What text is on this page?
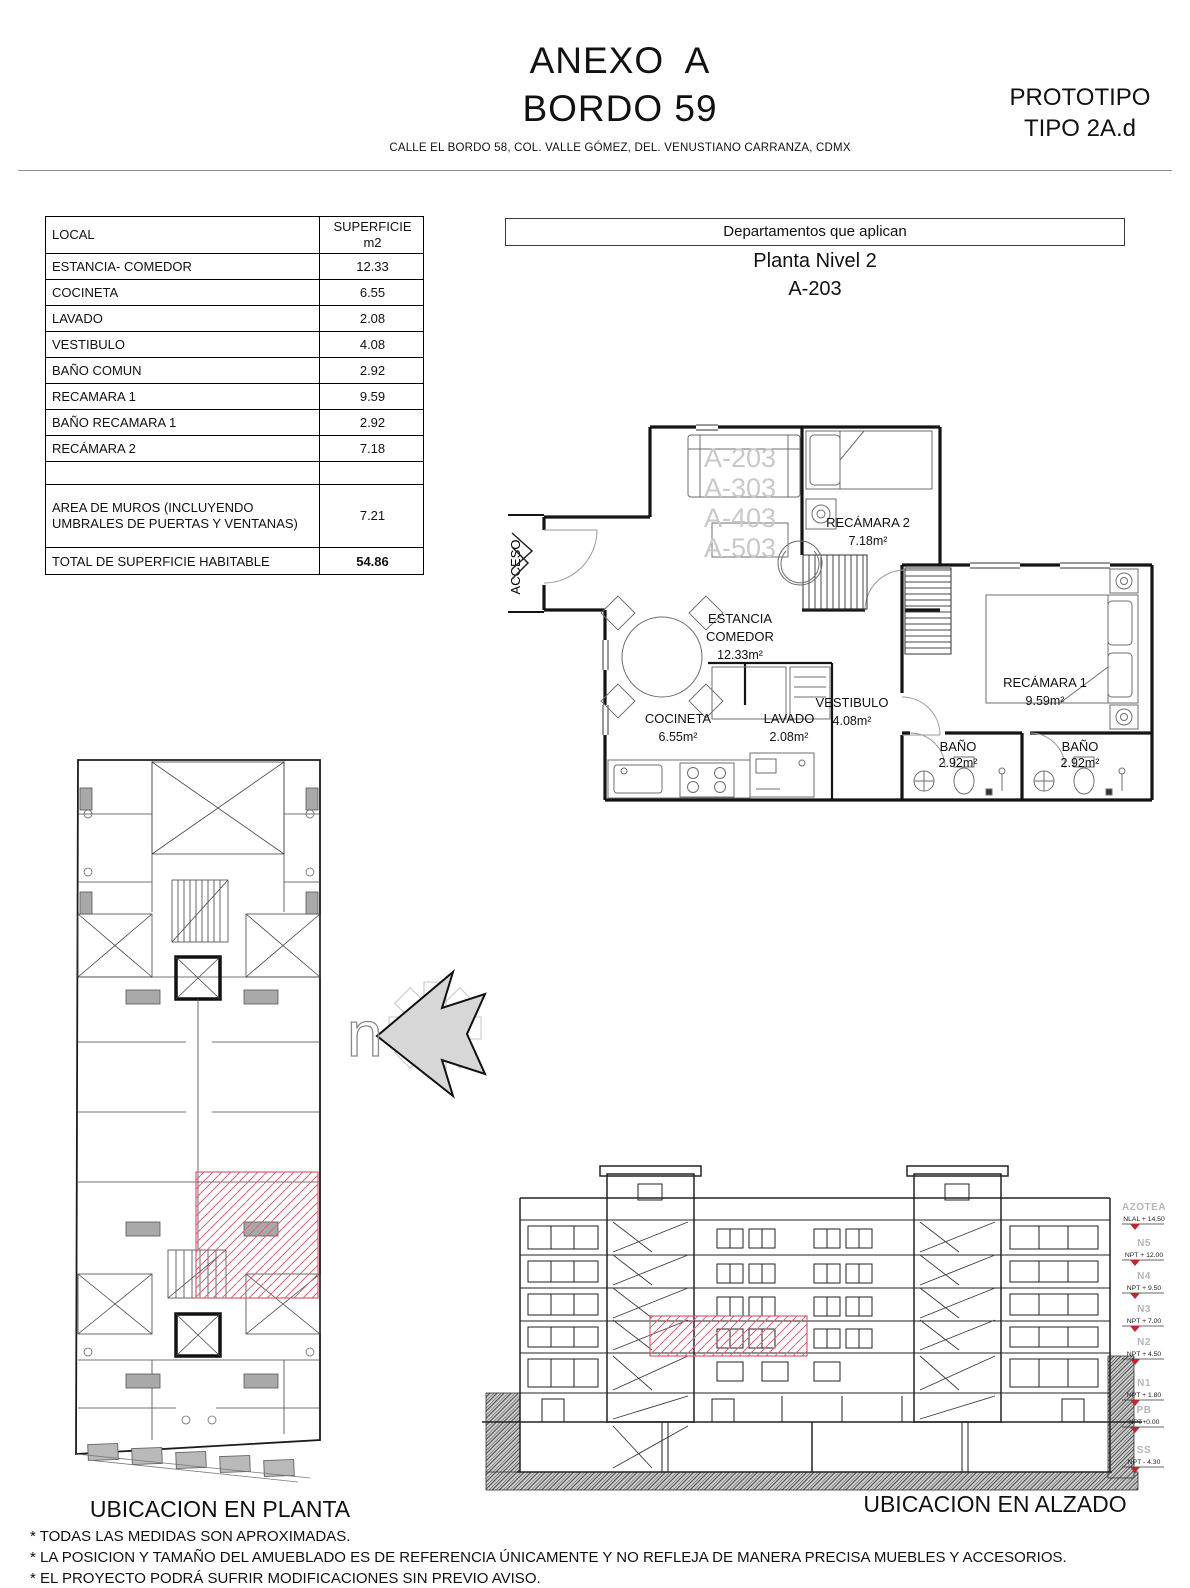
ANEXO  A
BORDO 59
CALLE EL BORDO 58, COL. VALLE GÓMEZ, DEL. VENUSTIANO CARRANZA, CDMX
PROTOTIPO
TIPO 2A.d
LOCAL	SUPERFICIE
m2

ESTANCIA- COMEDOR	12.33
COCINETA	6.55
LAVADO	2.08
VESTIBULO	4.08
BAÑO COMUN	2.92
RECAMARA 1	9.59
BAÑO RECAMARA 1	2.92
RECÁMARA 2	7.18

AREA DE MUROS (INCLUYENDO UMBRALES DE PUERTAS Y VENTANAS)	7.21
TOTAL DE SUPERFICIE HABITABLE	54.86
Departamentos que aplican
Planta Nivel 2
A-203
A-203
A-303
A-403
A-503
ACCESO
RECÁMARA 2
7.18m²
ESTANCIA
COMEDOR
12.33m²
VESTIBULO
4.08m²
RECÁMARA 1
9.59m²
COCINETA
6.55m²
LAVADO
2.08m²
BAÑO
2.92m²
BAÑO
2.92m²
n
AZOTEA
NLAL + 14.50
N5
NPT + 12.00
N4
NPT + 9.50
N3
NPT + 7.00
N2
NPT + 4.50
N1
NPT + 1.80
PB
NPT+0.00
SS
NPT - 4.30
UBICACION EN PLANTA	UBICACION EN ALZADO
* TODAS LAS MEDIDAS SON APROXIMADAS.
* LA POSICION Y TAMAÑO DEL AMUEBLADO ES DE REFERENCIA ÚNICAMENTE Y NO REFLEJA DE MANERA PRECISA MUEBLES Y ACCESORIOS.
* EL PROYECTO PODRÁ SUFRIR MODIFICACIONES SIN PREVIO AVISO.
